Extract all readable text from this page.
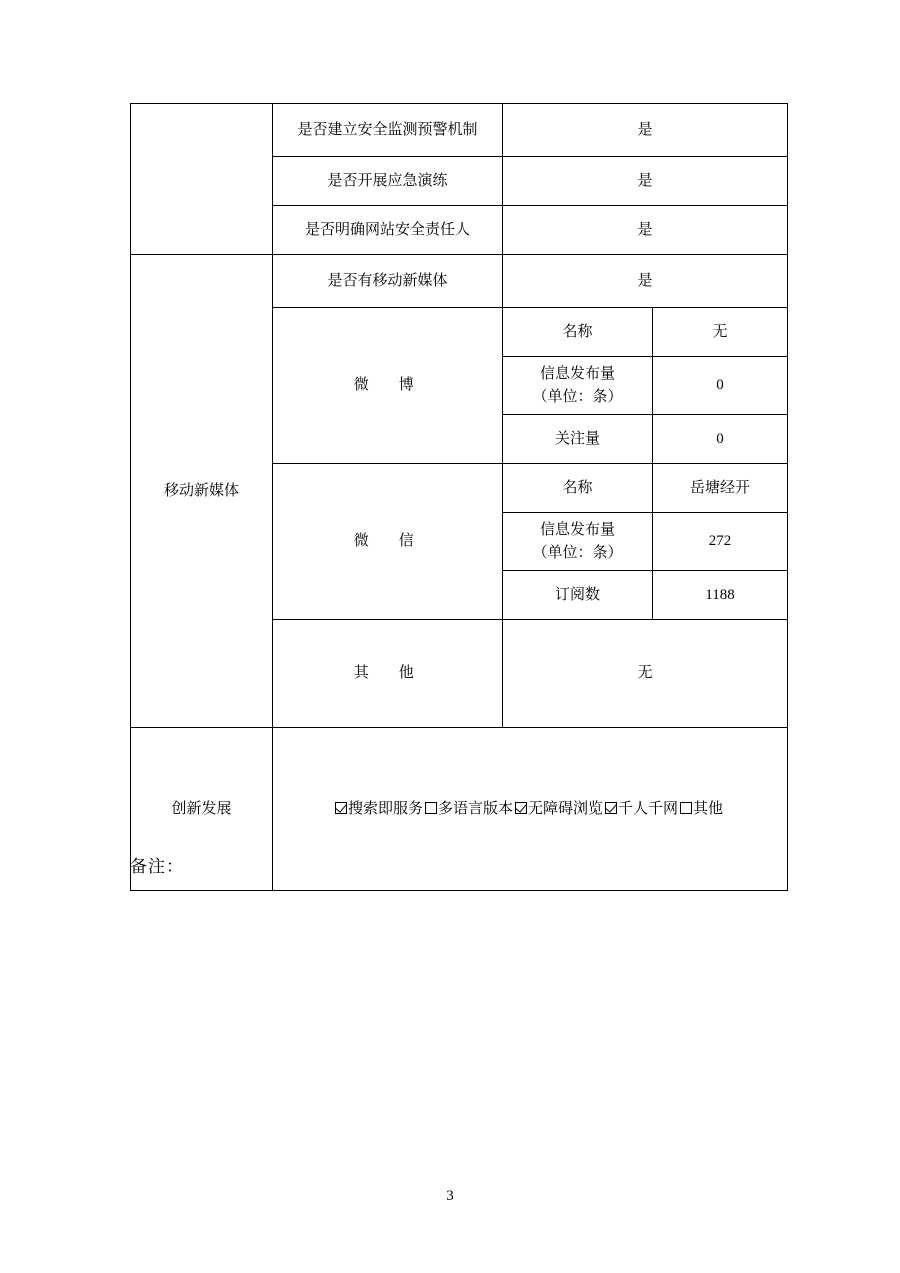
	是否建立安全监测预警机制	是	
	是否开展应急演练	是	
	是否明确网站安全责任人	是	
移动新媒体	是否有移动新媒体	是	
	微　博	名称	无

		信息发布量
（单位：条）	0
		关注量	0
	微　信	名称	岳塘经开

		信息发布量
（单位：条）	272
		订阅数	1188
	其　他	无	
创新发展	搜索即服务 多语言版本 无障碍浏览 千人千网 其他		
备注：
3
